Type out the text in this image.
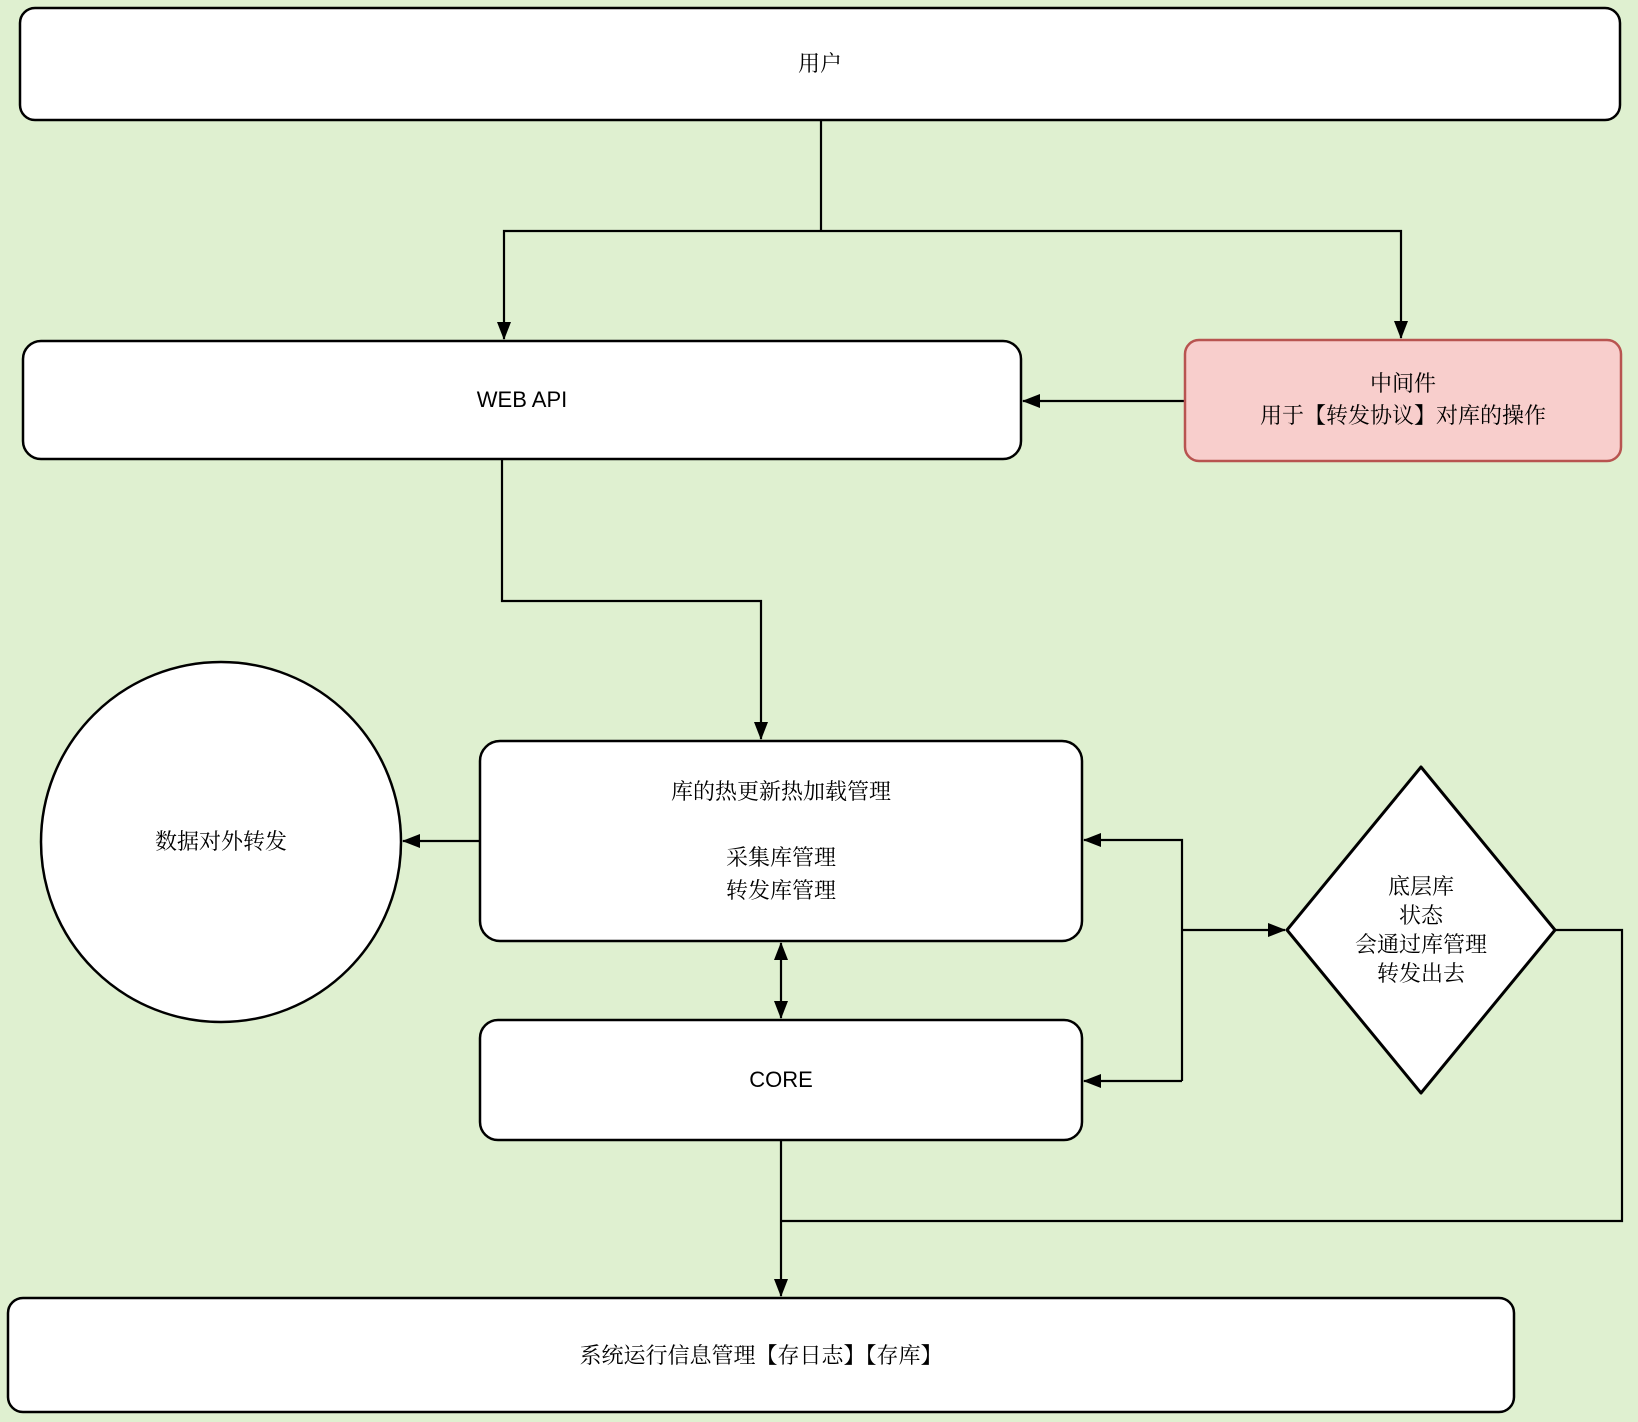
用户
WEB API
中间件
用于【转发协议】对库的操作
数据对外转发
库的热更新热加载管理
采集库管理
转发库管理
CORE
底层库
状态
会通过库管理
转发出去
系统运行信息管理【存日志】【存库】
